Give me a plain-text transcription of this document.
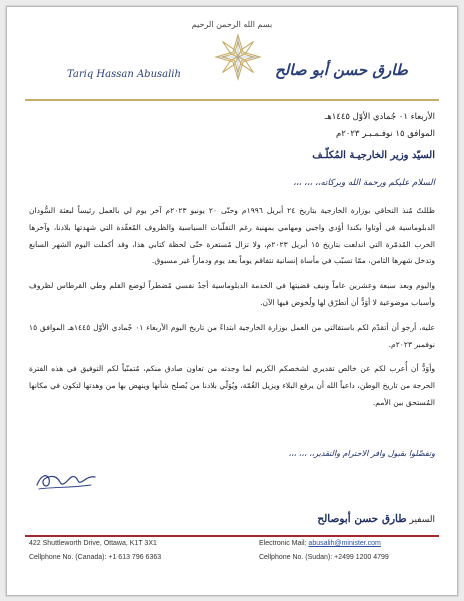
بسم الله الرحمن الرحيم
Tariq Hassan Abusalih	طارق حسن أبو صالح
الأربعاء ٠١ جُمادي الأوّل ١٤٤٥هـ
الموافق ١٥ نوفـمـبـر ٢٠٢٣م
السيّد وزير الخارجيـة المُكلّـف
السلام عليكم ورحمة الله وبركاته،، ،،، ،،،

ظللتُ مُنذ التحاقي بوزارة الخارجية بتاريخ ٢٤ أبريل ١٩٩٦م وحتّى ٢٠ يونيو ٢٠٢٣م آخر يوم لي بالعمل رئيساً لبعثة السُّودان الدبلوماسية في أوتاوا بكندا أؤدي واجبي ومهامي بمهنية رغم التقلّبات السياسية والظروف المُعقّدة التي شهدتها بلادنا، وآخرها الحرب المُدمّرة التي اندلعت بتاريخ ١٥ أبريل ٢٠٢٣م، ولا تزال مُستعرة حتّى لحظة كتابي هذا، وقد أكملت اليوم الشهر السابع وتدخل شهرها الثامن، ممّا تسبّب في مأساة إنسانية تتفاقم يوماً بعد يوم ودماراً غير مسبوق.

واليوم وبعد سبعة وعشرين عاماً ونيف قضيتها في الخدمة الدبلوماسية أجدُ نفسي مُضطراً لوضع القلم وطي القرطاس لظروف وأسباب موضوعية لا أوَدُّ أن أتطرّق لها ولُخوض فيها الآن.

عليه، أرجو أن أتقدّم لكم باستقالتي من العمل بوزارة الخارجية ابتداءً من تاريخ اليوم الأربعاء ٠١ جُمادي الأوّل ١٤٤٥هـ الموافق ١٥ نوفمبر ٢٠٢٣م.

وأوَدُّ أن أُعرب لكم عن خالص تقديري لشخصكم الكريم لما وجدته من تعاون صادق منكم، مُتمنّياً لكم التوفيق في هذه الفترة الحرجة من تاريخ الوطن، داعياً الله أن يرفع البلاء ويزيل الغُمّة، ويُوَلّي بلادنا من يُصلح شأنها وينهض بها من وهدتها لتكون في مكانها المُستحق بين الأمم.

وتفضّلوا بقبول وافر الاحترام والتقدير،، ،،، ،،،
السفير طارق حسن أبوصالح
422 Shuttleworth Drive, Ottawa, K1T 3X1
Cellphone No. (Canada): +1 613 796 6363
Electronic Mail: abusalih@minister.com
Cellphone No. (Sudan): +2499 1200 4799
